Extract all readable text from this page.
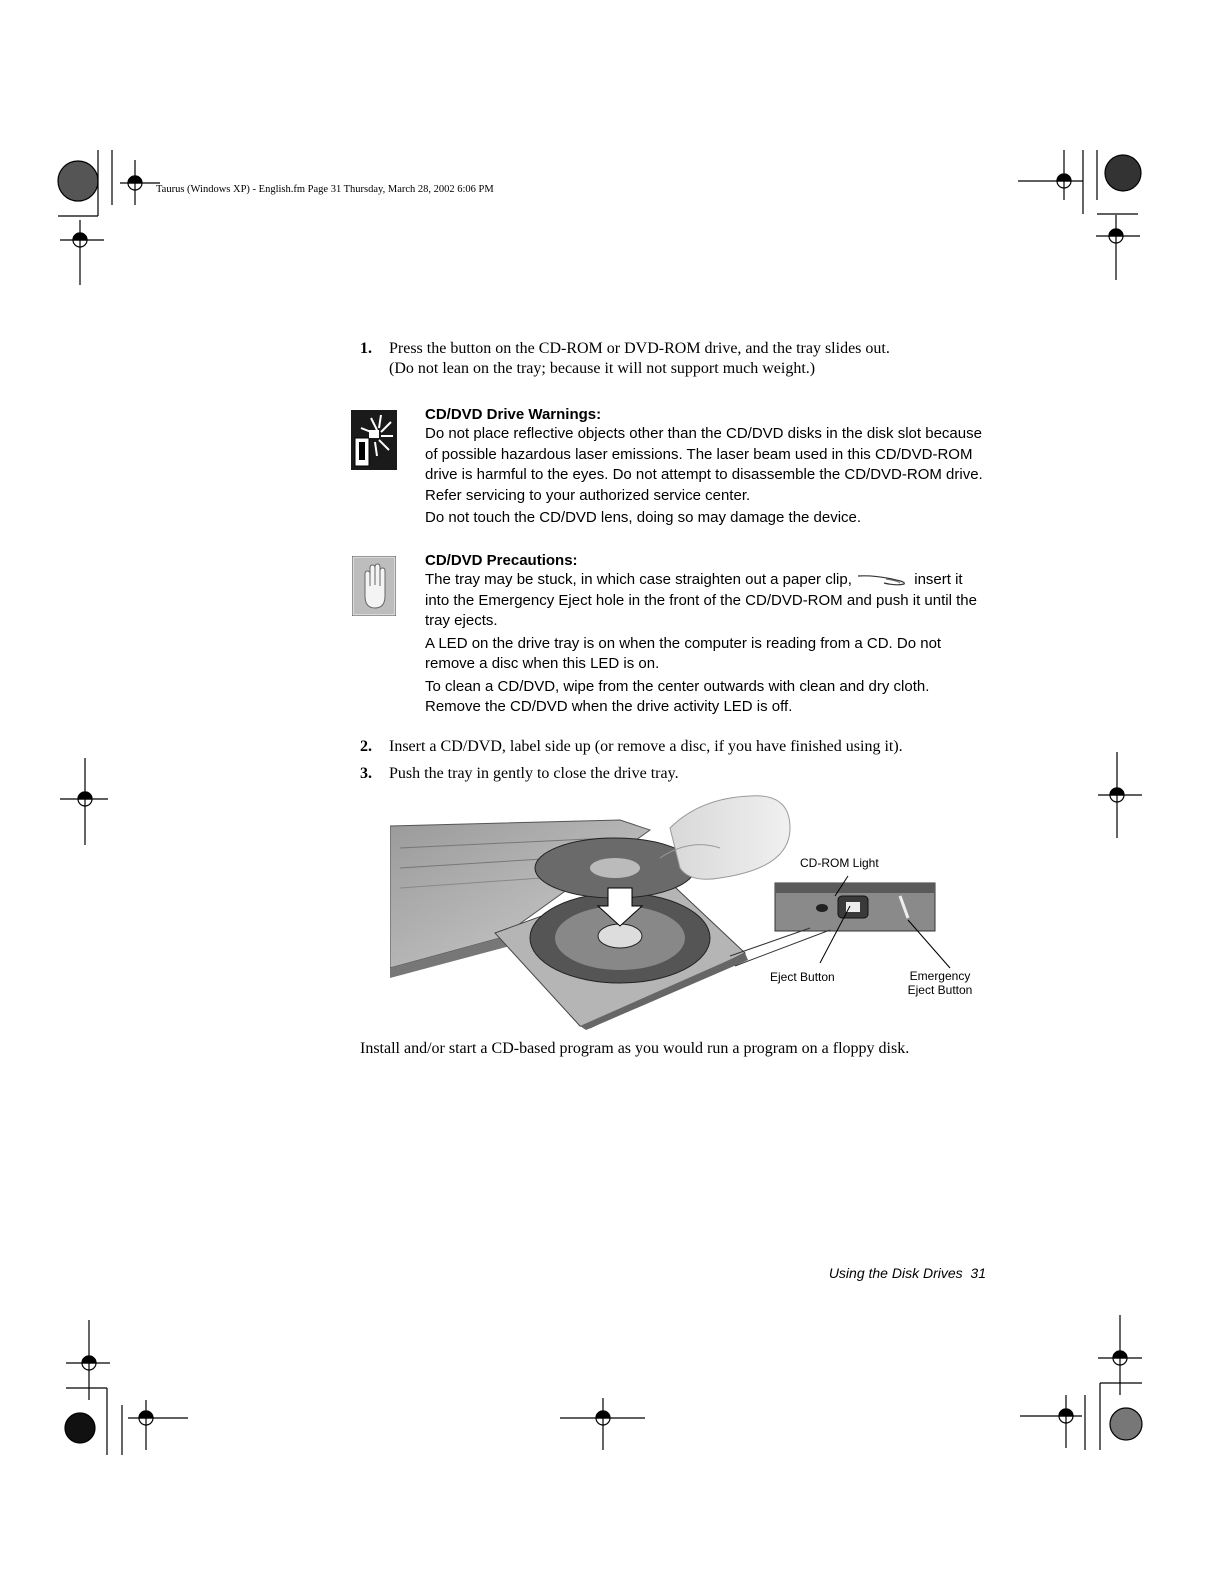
Taurus (Windows XP) - English.fm Page 31 Thursday, March 28, 2002 6:06 PM
1. Press the button on the CD-ROM or DVD-ROM drive, and the tray slides out.
(Do not lean on the tray; because it will not support much weight.)
CD/DVD Drive Warnings:

Do not place reflective objects other than the CD/DVD disks in the disk slot because of possible hazardous laser emissions. The laser beam used in this CD/DVD-ROM drive is harmful to the eyes. Do not attempt to disassemble the CD/DVD-ROM drive. Refer servicing to your authorized service center.

Do not touch the CD/DVD lens, doing so may damage the device.

CD/DVD Precautions:

The tray may be stuck, in which case straighten out a paper clip,	insert it into the Emergency Eject hole in the front of the CD/DVD-ROM and push it until the tray ejects.

A LED on the drive tray is on when the computer is reading from a CD. Do not remove a disc when this LED is on.

To clean a CD/DVD, wipe from the center outwards with clean and dry cloth. Remove the CD/DVD when the drive activity LED is off.

2. Insert a CD/DVD, label side up (or remove a disc, if you have finished using it).
3. Push the tray in gently to close the drive tray.
CD-ROM Light
Eject Button	Emergency
Eject Button
Install and/or start a CD-based program as you would run a program on a floppy disk.
Using the Disk Drives 31
